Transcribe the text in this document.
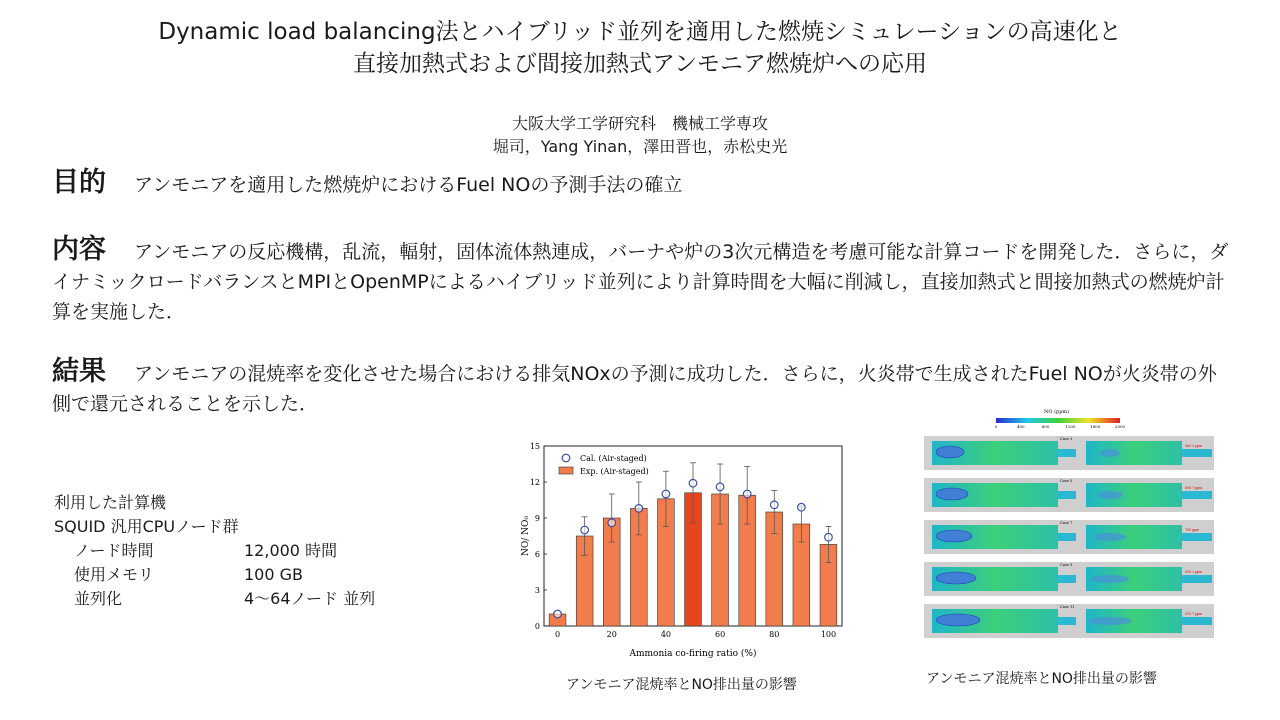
Dynamic load balancing法とハイブリッド並列を適用した燃焼シミュレーションの高速化と
直接加熱式および間接加熱式アンモニア燃焼炉への応用
大阪大学工学研究科　機械工学専攻
堀司，Yang Yinan，澤田晋也，赤松史光
目的 アンモニアを適用した燃焼炉におけるFuel NOの予測手法の確立
内容 アンモニアの反応機構，乱流，輻射，固体流体熱連成，バーナや炉の3次元構造を考慮可能な計算コードを開発した．さらに，ダイナミックロードバランスとMPIとOpenMPによるハイブリッド並列により計算時間を大幅に削減し，直接加熱式と間接加熱式の燃焼炉計算を実施した．
結果 アンモニアの混焼率を変化させた場合における排気NOxの予測に成功した．さらに，火炎帯で生成されたFuel NOが火炎帯の外側で還元されることを示した．
利用した計算機
SQUID 汎用CPUノード群
ノード時間	12,000 時間
使用メモリ	100 GB
並列化	4〜64ノード 並列
0
3
6
9
12
15
0	20	40	60	80	100
Cal. (Air-staged)
Exp. (Air-staged)
Ammonia co-firing ratio (%)
NO/ NO₀
NO (ppm)
0	400	800	1200	1600	2000
Case 3
562.3 ppm
Case 5
693.7 ppm
Case 7
705 ppm
Case 9
693.2 ppm
Case 11
515.7 ppm
アンモニア混焼率とNO排出量の影響	アンモニア混焼率とNO排出量の影響
